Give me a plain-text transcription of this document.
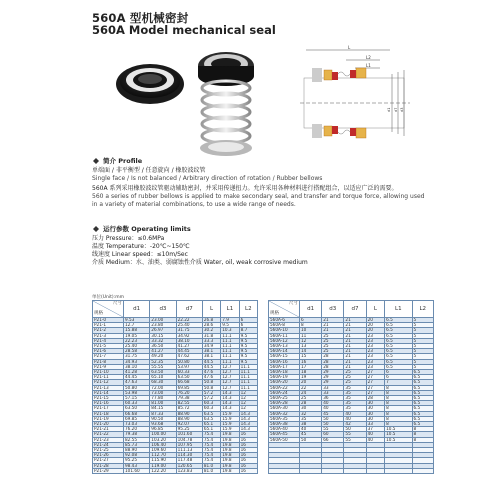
560A 型机械密封
560A Model mechanical seal
L
L2
L1
d1 d7 d3
简介 Profile

单端面 / 非平衡型 / 任意旋向 / 橡胶波纹管

Single face / Is not balanced / Arbitrary direction of rotation / Rubber bellows

560A 系列采用橡胶波纹管驱动辅助密封，并采用传递扭力。允许采用各种材料进行搭配组合，以适应广泛的需要。

560 a series of rubber bellows is applied to make secondary seal, and transfer and torque force, allowing used

in a variety of material combinations, to use a wide range of needs.

运行参数 Operating limits

压力 Pressure：≤0.6MPa

温度 Temperature：-20℃~150℃

线速度 Linear speed：≤10m/Sec

介质 Medium：水、油类、弱腐蚀性介质 Water, oil, weak corrosive medium

单位(Unit):mm
尺寸
规格	d1	d3	d7	L	L1	L2
P21-0	9.53	23.00	22.22	26.8	7.9	6
P21-1	12.7	23.80	25.40	28.6	9.5	6
P21-2	15.88	26.97	31.75	30.2	10.3	8.7
P21-3	19.05	30.15	34.92	31.8	11.1	9.5
P21-4	22.23	33.32	38.10	33.3	11.1	9.5
P21-5	25.40	36.50	41.27	34.9	11.1	9.5
P21-6	28.58	41.27	44.45	38.1	11.1	9.5
P21-7	31.75	49.20	47.62	38.1	11.1	9.5
P21-8	34.93	52.35	50.80	44.5	11.1	9.5
P21-9	38.10	55.55	53.97	44.5	12.7	11.1
P21-10	41.28	63.50	60.33	47.6	12.7	11.1
P21-11	44.45	65.10	63.50	47.6	12.7	11.1
P21-12	47.63	68.30	66.68	50.8	12.7	11.1
P21-13	50.80	72.00	69.85	50.8	12.7	11.1
P21-14	53.98	73.00	76.20	57.2	14.3	12
P21-15	57.15	77.80	79.38	57.2	14.3	12
P21-16	60.33	81.00	82.55	60.3	14.3	12
P21-17	63.50	84.15	85.72	60.3	14.3	12
P21-18	66.68	87.33	88.90	63.5	15.9	14.3
P21-19	69.85	90.50	88.90	63.5	15.9	14.3
P21-20	73.03	93.68	92.07	65.1	15.9	14.3
P21-21	76.20	96.85	95.25	65.1	15.9	14.3
P21-22	79.38	100.00	101.60	75.4	19.8	16
P21-23	82.55	103.20	104.78	75.4	19.8	16
P21-24	85.73	106.40	107.95	75.4	19.8	16
P21-25	88.90	109.60	111.13	75.4	19.8	16
P21-26	92.08	112.70	114.30	75.4	19.8	16
P21-27	95.25	115.90	117.48	75.4	19.8	16
P21-28	98.43	119.00	120.65	81.0	19.8	16
P21-29	101.60	122.20	123.83	81.0	19.8	16
尺寸
规格	d1	d3	d7	L	L1	L2
560A-6	6	21	21	20	6.5	5
560A-8	8	21	21	20	6.5	5
560A-10	10	21	21	20	6.5	5
560A-11	11	25	21	23	6.5	5
560A-12	12	25	21	23	6.5	5
560A-13	13	25	21	23	6.5	5
560A-14	14	25	21	23	6.5	5
560A-15	15	28	21	23	6.5	5
560A-16	16	28	21	23	6.5	5
560A-17	17	28	21	23	6.5	5
560A-18	18	29	25	27	6	6.5
560A-19	19	29	25	27	6	6.5
560A-20	20	29	25	27	7	6.5
560A-22	22	33	35	27	8	6.5
560A-24	24	33	35	27	8	6.5
560A-25	25	36	35	28	8	6.5
560A-28	28	40	35	30	8	6.5
560A-30	30	40	35	30	8	6.5
560A-32	32	45	40	30	8	6.5
560A-35	35	50	40	30	8	6.5
560A-38	38	50	42	33	8	6.5
560A-40	40	55	50	37	10.5	8
560A-45	45	60	55	40	10.5	8
560A-50	50	66	55	40	10.5	8
